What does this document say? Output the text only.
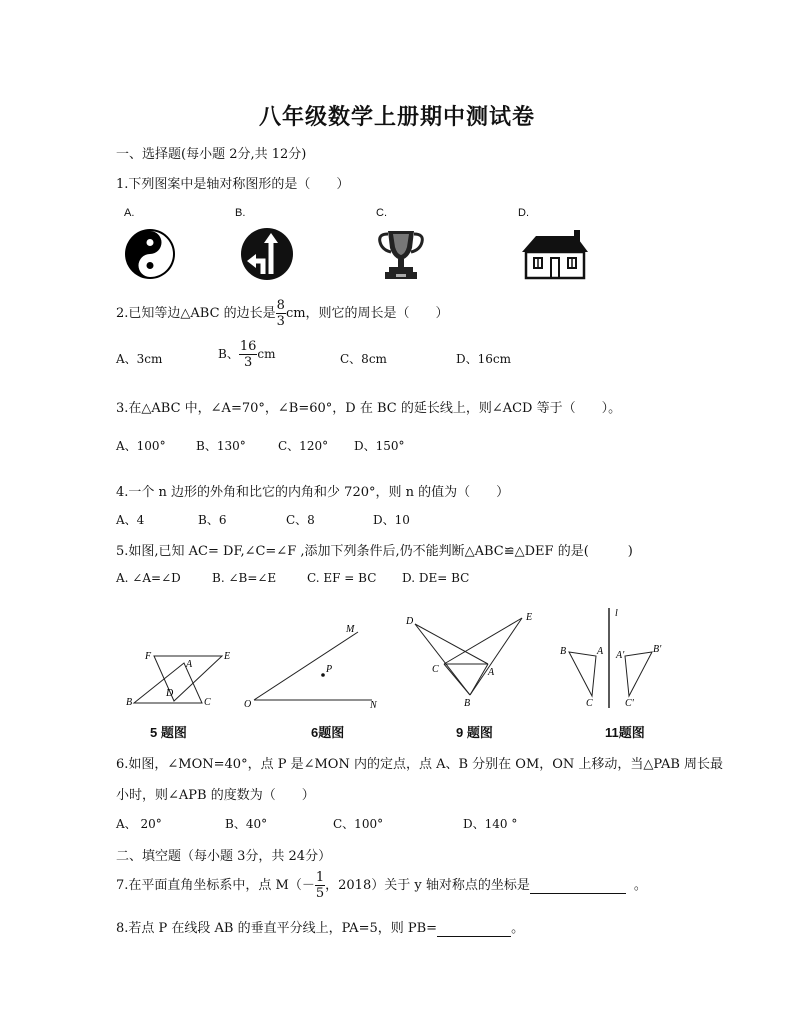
八年级数学上册期中测试卷
一、选择题(每小题 2分,共 12分)
1.下列图案中是轴对称图形的是（　　）
A.	B.	C.	D.
2.已知等边△ABC 的边长是 $\frac{8}{3}$ cm，则它的周长是（　　）
A、3cm	B、 $\frac{16}{3}$ cm	C、8cm	D、16cm
3.在△ABC 中，∠A=70°，∠B=60°，D 在 BC 的延长线上，则∠ACD 等于（　　）。
A、100°	B、130°	C、120° D、150°
4.一个 n 边形的外角和比它的内角和少 720°，则 n 的值为（　　）
A、4	B、6	C、8	D、10
5.如图,已知 AC= DF,∠C=∠F ,添加下列条件后,仍不能判断△ABC≌△DEF 的是(　　　)
A. ∠A=∠D	B. ∠B=∠E	C. EF = BC D. DE= BC
F	E
A
D
B	C
M
P
O	N
D	E
C	A
B
l
B	A A'
B'
C	C'
5 题图	6题图	9 题图	11题图
6.如图，∠MON=40°，点 P 是∠MON 内的定点，点 A、B 分别在 OM，ON 上移动，当△PAB 周长最
小时，则∠APB 的度数为（　　）
A、 20°	B、40°	C、100°	D、140 °
二、填空题（每小题 3分，共 24分）
7.在平面直角坐标系中，点 $M(- \frac{1}{5}$ ，2018）关于 y 轴对称点的坐标是	。
8.若点 P 在线段 AB 的垂直平分线上，PA=5，则 PB=	。
